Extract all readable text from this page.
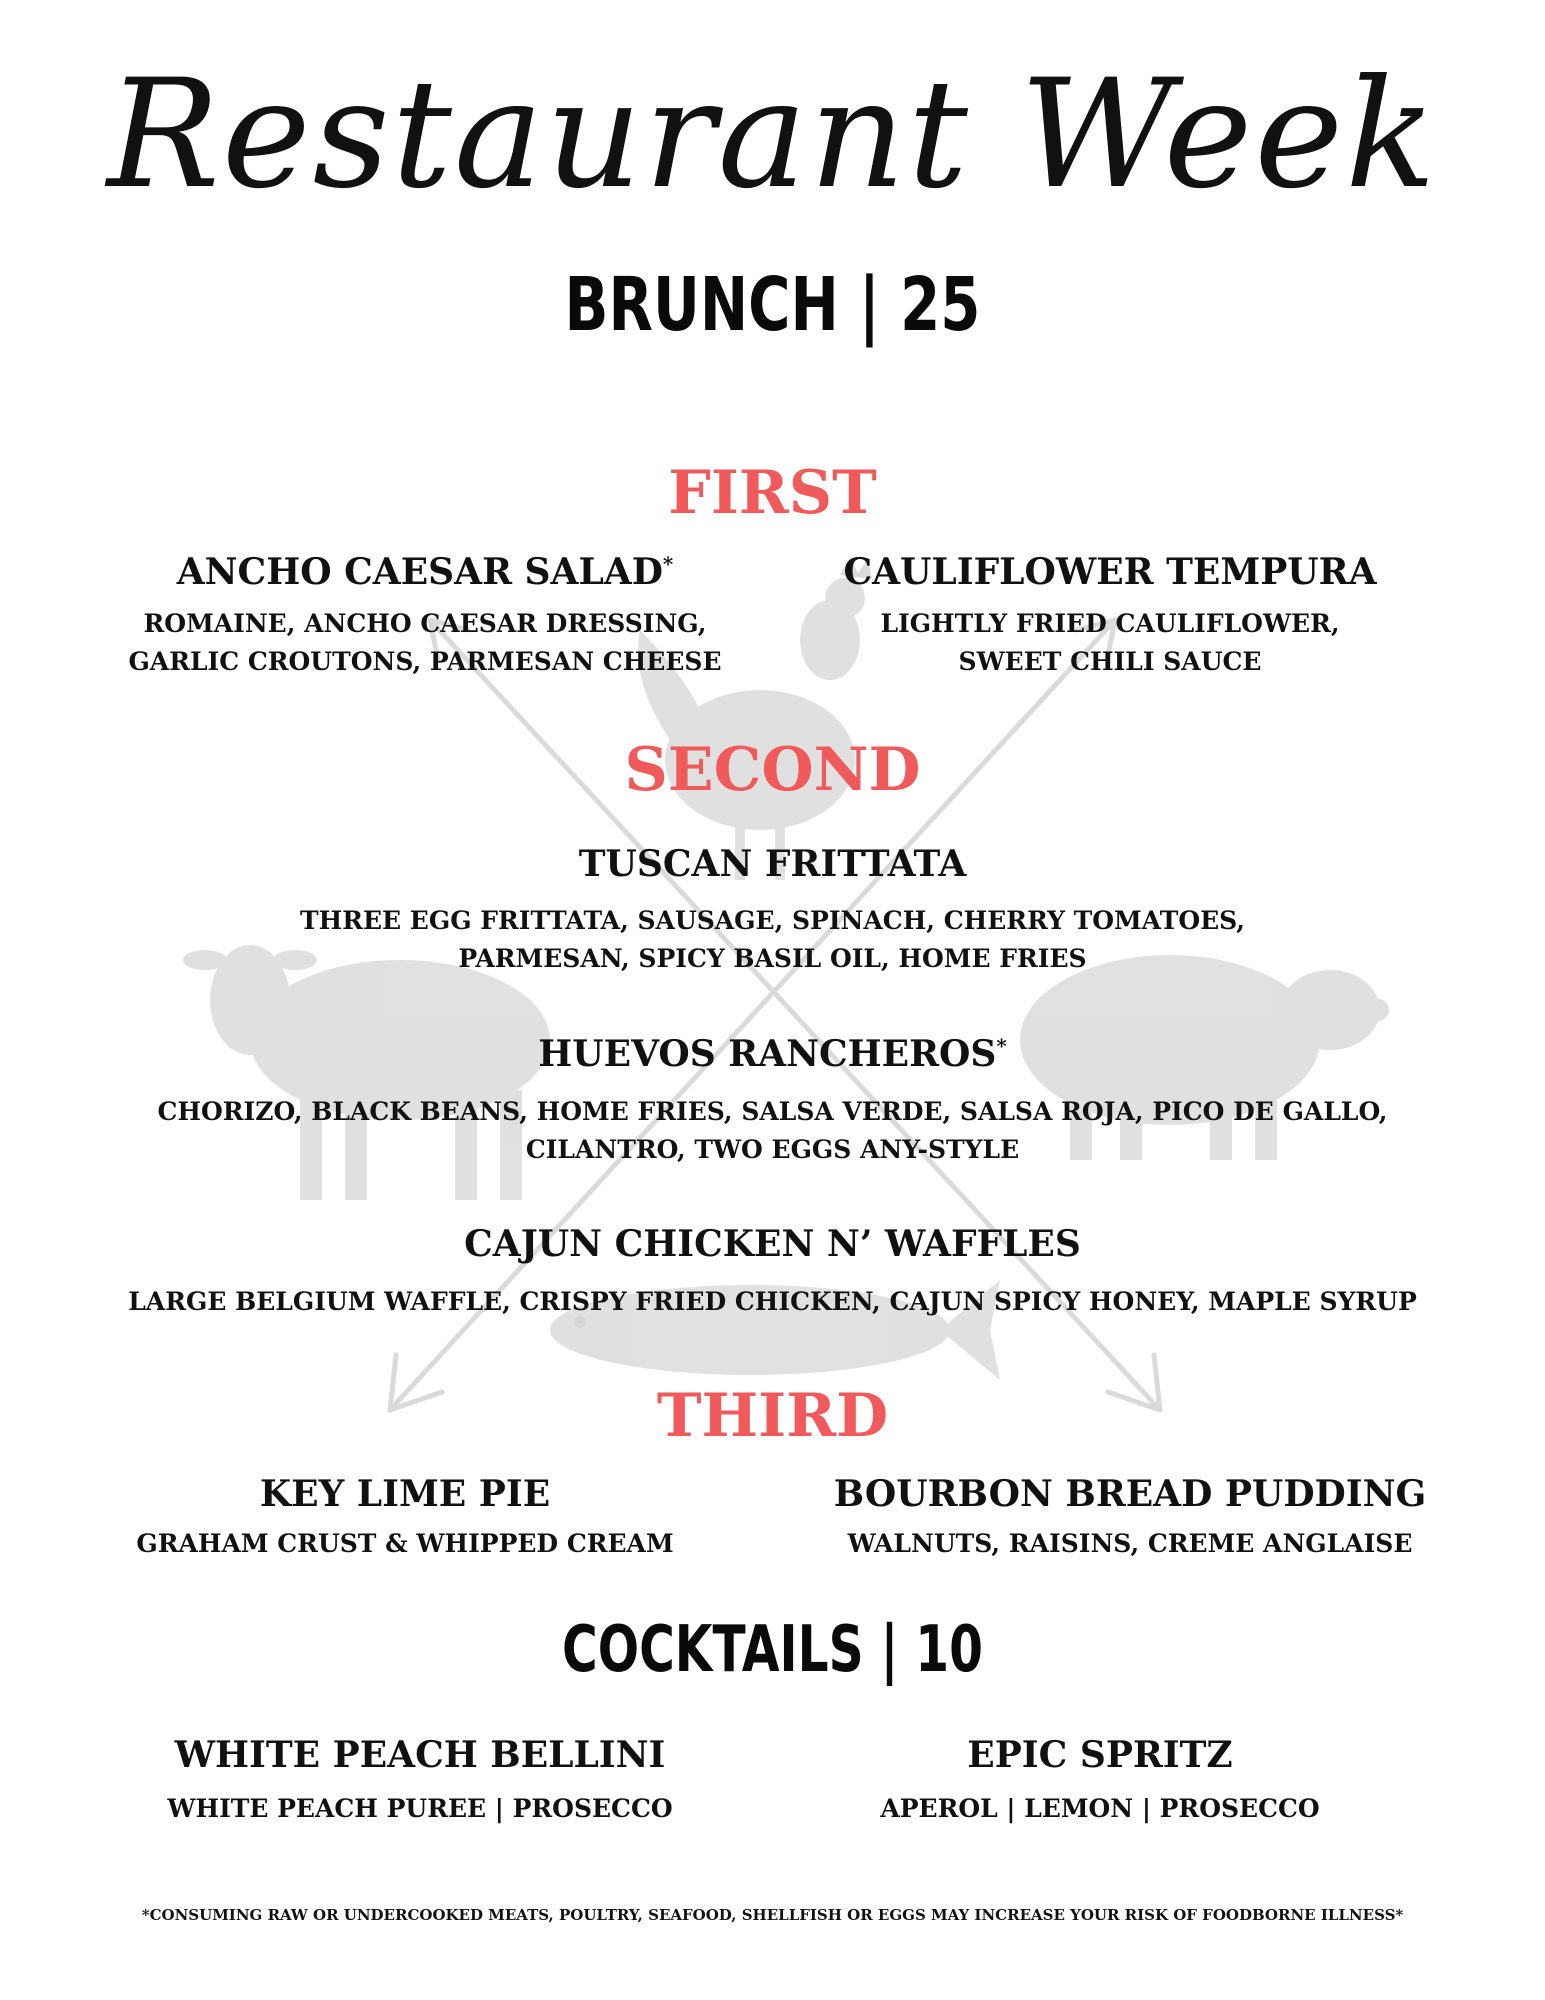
Restaurant Week
BRUNCH | 25
FIRST
ANCHO CAESAR SALAD*
ROMAINE, ANCHO CAESAR DRESSING,
GARLIC CROUTONS, PARMESAN CHEESE
CAULIFLOWER TEMPURA
LIGHTLY FRIED CAULIFLOWER,
SWEET CHILI SAUCE
SECOND
TUSCAN FRITTATA
THREE EGG FRITTATA, SAUSAGE, SPINACH, CHERRY TOMATOES,
PARMESAN, SPICY BASIL OIL, HOME FRIES
HUEVOS RANCHEROS*
CHORIZO, BLACK BEANS, HOME FRIES, SALSA VERDE, SALSA ROJA, PICO DE GALLO,
CILANTRO, TWO EGGS ANY-STYLE
CAJUN CHICKEN N’ WAFFLES
LARGE BELGIUM WAFFLE, CRISPY FRIED CHICKEN, CAJUN SPICY HONEY, MAPLE SYRUP
THIRD
KEY LIME PIE
GRAHAM CRUST & WHIPPED CREAM
BOURBON BREAD PUDDING
WALNUTS, RAISINS, CREME ANGLAISE
COCKTAILS | 10
WHITE PEACH BELLINI
WHITE PEACH PUREE | PROSECCO
EPIC SPRITZ
APEROL | LEMON | PROSECCO
*CONSUMING RAW OR UNDERCOOKED MEATS, POULTRY, SEAFOOD, SHELLFISH OR EGGS MAY INCREASE YOUR RISK OF FOODBORNE ILLNESS*
